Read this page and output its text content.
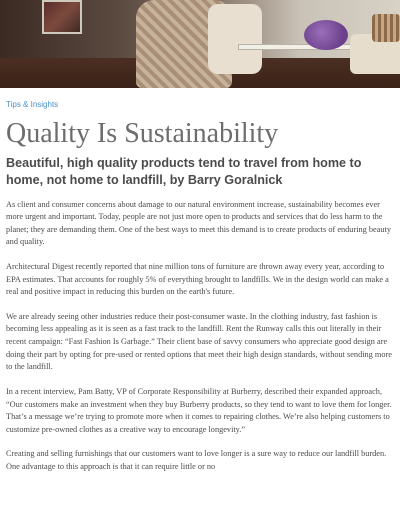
Tips & Insights
Quality Is Sustainability
Beautiful, high quality products tend to travel from home to home, not home to landfill, by Barry Goralnick

As client and consumer concerns about damage to our natural environment increase, sustainability becomes ever more urgent and important. Today, people are not just more open to products and services that do less harm to the planet; they are demanding them. One of the best ways to meet this demand is to create products of enduring beauty and quality.

Architectural Digest recently reported that nine million tons of furniture are thrown away every year, according to EPA estimates. That accounts for roughly 5% of everything brought to landfills. We in the design world can make a real and positive impact in reducing this burden on the earth's future.

We are already seeing other industries reduce their post-consumer waste. In the clothing industry, fast fashion is becoming less appealing as it is seen as a fast track to the landfill. Rent the Runway calls this out literally in their recent campaign: “Fast Fashion Is Garbage.” Their client base of savvy consumers who appreciate good design are doing their part by opting for pre-used or rented options that meet their high design standards, without sending more to the landfill.

In a recent interview, Pam Batty, VP of Corporate Responsibility at Burberry, described their expanded approach, “Our customers make an investment when they buy Burberry products, so they tend to want to love them for longer. That’s a message we’re trying to promote more when it comes to repairing clothes. We’re also helping customers to customize pre-owned clothes as a creative way to encourage longevity.”

Creating and selling furnishings that our customers want to love longer is a sure way to reduce our landfill burden. One advantage to this approach is that it can require little or no
